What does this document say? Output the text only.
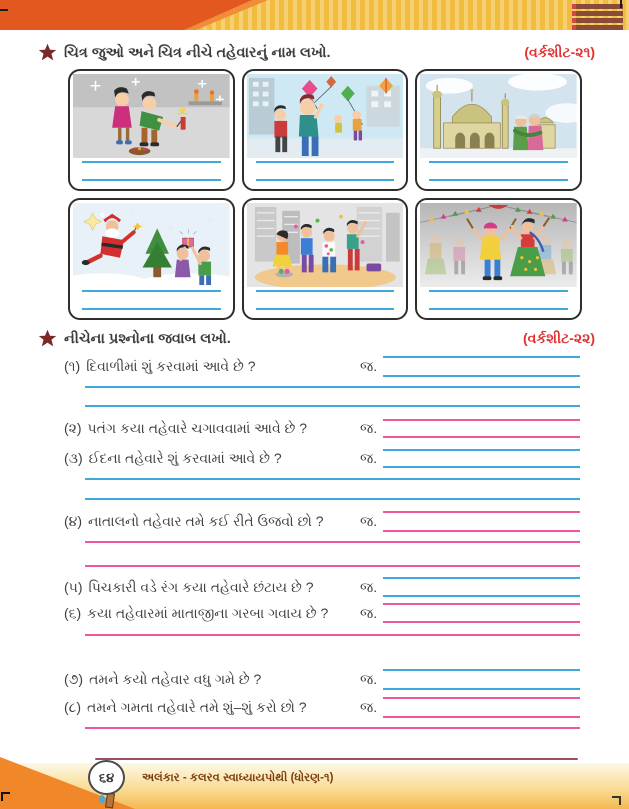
ચિત્ર જુઓ અને ચિત્ર નીચે તહેવારનું નામ લખો.	(વર્કશીટ-૨૧)
નીચેના પ્રશ્નોના જવાબ લખો.	(વર્કશીટ-૨૨)
(૧) દિવાળીમાં શું કરવામાં આવે છે ?	જ.
(૨) પતંગ કયા તહેવારે ચગાવવામાં આવે છે ?	જ.
(૩) ઈદના તહેવારે શું કરવામાં આવે છે ?	જ.
(૪) નાતાલનો તહેવાર તમે કઈ રીતે ઉજવો છો ?	જ.
(૫) પિચકારી વડે રંગ કયા તહેવારે છંટાય છે ?	જ.
(૬) કયા તહેવારમાં માતાજીના ગરબા ગવાય છે ? જ.
(૭) તમને કયો તહેવાર વધુ ગમે છે ?	જ.
(૮) તમને ગમતા તહેવારે તમે શું–શું કરો છો ?	જ.
૬૪ અલંકાર - કલરવ સ્વાધ્યાયપોથી (ધોરણ-૧)
